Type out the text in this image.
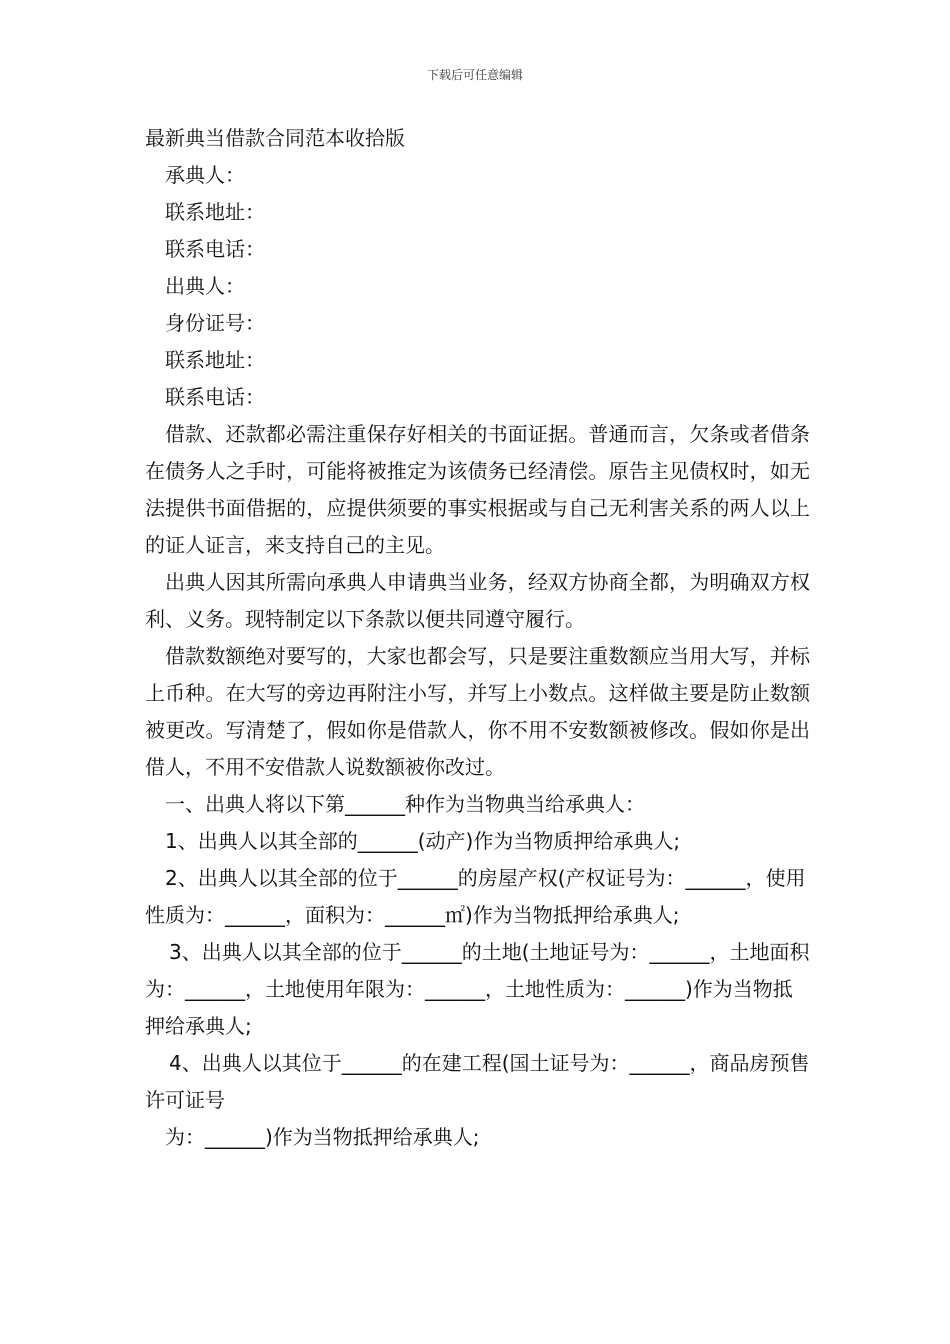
下载后可任意编辑

最新典当借款合同范本收拾版

承典人：

联系地址：

联系电话：

出典人：

身份证号：

联系地址：

联系电话：

借款、还款都必需注重保存好相关的书面证据。普通而言，欠条或者借条在债务人之手时，可能将被推定为该债务已经清偿。原告主见债权时，如无法提供书面借据的，应提供须要的事实根据或与自己无利害关系的两人以上的证人证言，来支持自己的主见。

出典人因其所需向承典人申请典当业务，经双方协商全都，为明确双方权利、义务。现特制定以下条款以便共同遵守履行。

借款数额绝对要写的，大家也都会写，只是要注重数额应当用大写，并标上币种。在大写的旁边再附注小写，并写上小数点。这样做主要是防止数额被更改。写清楚了，假如你是借款人，你不用不安数额被修改。假如你是出借人，不用不安借款人说数额被你改过。

一、出典人将以下第______种作为当物典当给承典人：

1、出典人以其全部的______(动产)作为当物质押给承典人;

2、出典人以其全部的位于______的房屋产权(产权证号为：______，使用性质为：______，面积为：______㎡)作为当物抵押给承典人;

3、出典人以其全部的位于______的土地(土地证号为：______，土地面积为：______，土地使用年限为：______，土地性质为：______)作为当物抵押给承典人;

4、出典人以其位于______的在建工程(国土证号为：______，商品房预售许可证号

为：______)作为当物抵押给承典人;
